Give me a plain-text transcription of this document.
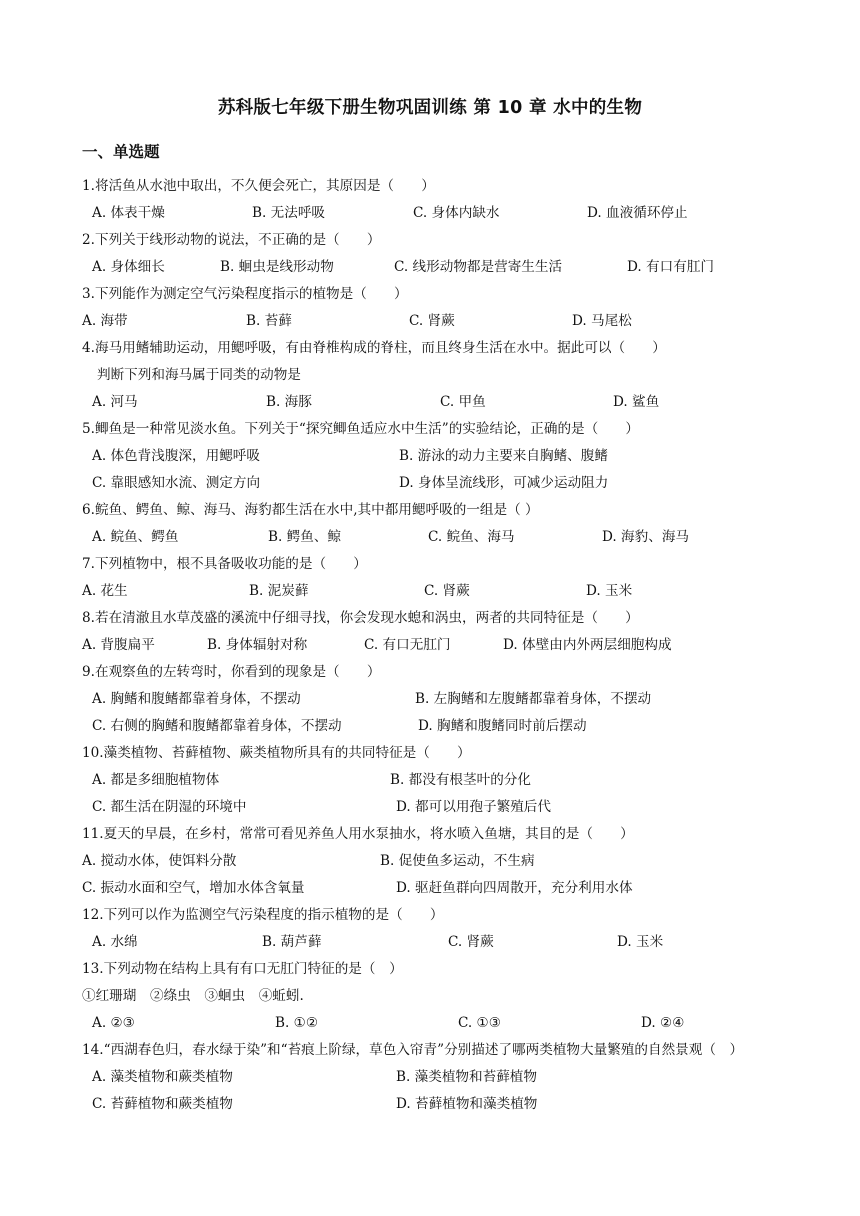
苏科版七年级下册生物巩固训练 第 10 章 水中的生物
一、单选题
1.将活鱼从水池中取出，不久便会死亡，其原因是（　　）
A. 体表干燥	B. 无法呼吸	C. 身体内缺水	D. 血液循环停止
2.下列关于线形动物的说法，不正确的是（　　）
A. 身体细长	B. 蛔虫是线形动物	C. 线形动物都是营寄生生活	D. 有口有肛门
3.下列能作为测定空气污染程度指示的植物是（　　）
A. 海带	B. 苔藓	C. 肾蕨	D. 马尾松
4.海马用鳍辅助运动，用鳃呼吸，有由脊椎构成的脊柱，而且终身生活在水中。据此可以（　　）
判断下列和海马属于同类的动物是
A. 河马	B. 海豚	C. 甲鱼	D. 鲨鱼
5.鲫鱼是一种常见淡水鱼。下列关于“探究鲫鱼适应水中生活”的实验结论，正确的是（　　）
A. 体色背浅腹深，用鳃呼吸	B. 游泳的动力主要来自胸鳍、腹鳍
C. 靠眼感知水流、测定方向	D. 身体呈流线形，可减少运动阻力
6.鲩鱼、鳄鱼、鲸、海马、海豹都生活在水中,其中都用鳃呼吸的一组是（ ）
A. 鲩鱼、鳄鱼	B. 鳄鱼、鲸	C. 鲩鱼、海马	D. 海豹、海马
7.下列植物中，根不具备吸收功能的是（　　）
A. 花生	B. 泥炭藓	C. 肾蕨	D. 玉米
8.若在清澈且水草茂盛的溪流中仔细寻找，你会发现水螅和涡虫，两者的共同特征是（　　）
A. 背腹扁平	B. 身体辐射对称	C. 有口无肛门	D. 体壁由内外两层细胞构成
9.在观察鱼的左转弯时，你看到的现象是（　　）
A. 胸鳍和腹鳍都靠着身体，不摆动	B. 左胸鳍和左腹鳍都靠着身体，不摆动
C. 右侧的胸鳍和腹鳍都靠着身体，不摆动	D. 胸鳍和腹鳍同时前后摆动
10.藻类植物、苔藓植物、蕨类植物所具有的共同特征是（　　）
A. 都是多细胞植物体	B. 都没有根茎叶的分化
C. 都生活在阴湿的环境中	D. 都可以用孢子繁殖后代
11.夏天的早晨，在乡村，常常可看见养鱼人用水泵抽水，将水喷入鱼塘，其目的是（　　）
A. 搅动水体，使饵料分散	B. 促使鱼多运动，不生病
C. 振动水面和空气，增加水体含氧量	D. 驱赶鱼群向四周散开，充分利用水体
12.下列可以作为监测空气污染程度的指示植物的是（　　）
A. 水绵	B. 葫芦藓	C. 肾蕨	D. 玉米
13.下列动物在结构上具有有口无肛门特征的是（　）
①红珊瑚　②绦虫　③蛔虫　④蚯蚓.
A. ②③	B. ①②	C. ①③	D. ②④
14.“西湖春色归，春水绿于染”和“苔痕上阶绿，草色入帘青”分别描述了哪两类植物大量繁殖的自然景观（　）
A. 藻类植物和蕨类植物	B. 藻类植物和苔藓植物
C. 苔藓植物和蕨类植物	D. 苔藓植物和藻类植物
